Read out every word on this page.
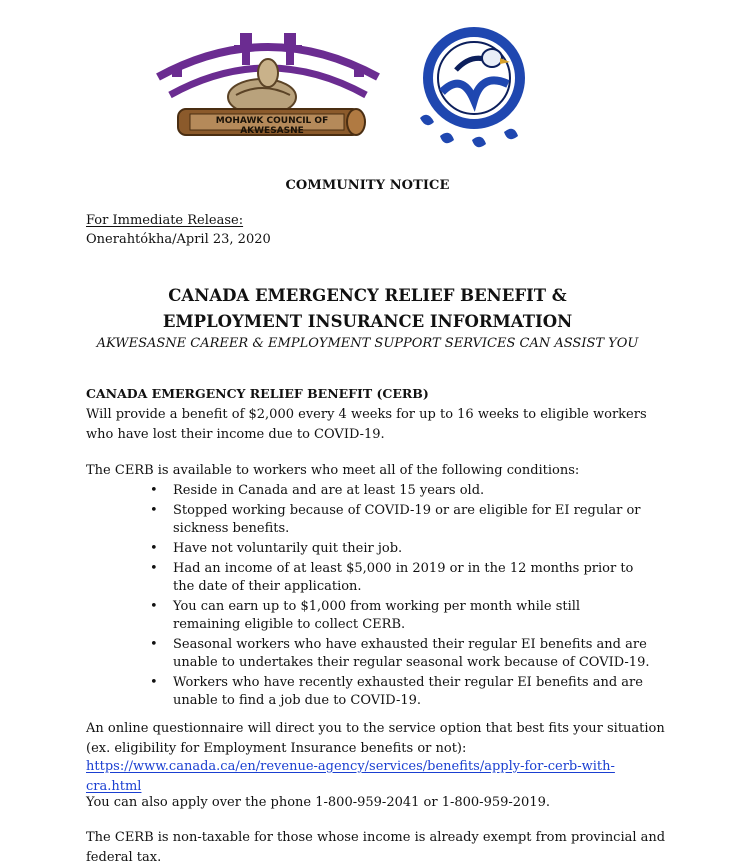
MOHAWK COUNCIL OF AKWESASNE
COMMUNITY NOTICE
For Immediate Release:
Onerahtókha/April 23, 2020
CANADA EMERGENCY RELIEF BENEFIT &
EMPLOYMENT INSURANCE INFORMATION
AKWESASNE CAREER & EMPLOYMENT SUPPORT SERVICES CAN ASSIST YOU
CANADA EMERGENCY RELIEF BENEFIT (CERB)
Will provide a benefit of $2,000 every 4 weeks for up to 16 weeks to eligible workers who have lost their income due to COVID-19.
The CERB is available to workers who meet all of the following conditions:
• Reside in Canada and are at least 15 years old.
• Stopped working because of COVID-19 or are eligible for EI regular or sickness benefits.
• Have not voluntarily quit their job.
• Had an income of at least $5,000 in 2019 or in the 12 months prior to the date of their application.
• You can earn up to $1,000 from working per month while still remaining eligible to collect CERB.
• Seasonal workers who have exhausted their regular EI benefits and are unable to undertakes their regular seasonal work because of COVID-19.
• Workers who have recently exhausted their regular EI benefits and are unable to find a job due to COVID-19.
An online questionnaire will direct you to the service option that best fits your situation (ex. eligibility for Employment Insurance benefits or not):
https://www.canada.ca/en/revenue-agency/services/benefits/apply-for-cerb-with-cra.html
You can also apply over the phone 1-800-959-2041 or 1-800-959-2019.
The CERB is non-taxable for those whose income is already exempt from provincial and federal tax.
